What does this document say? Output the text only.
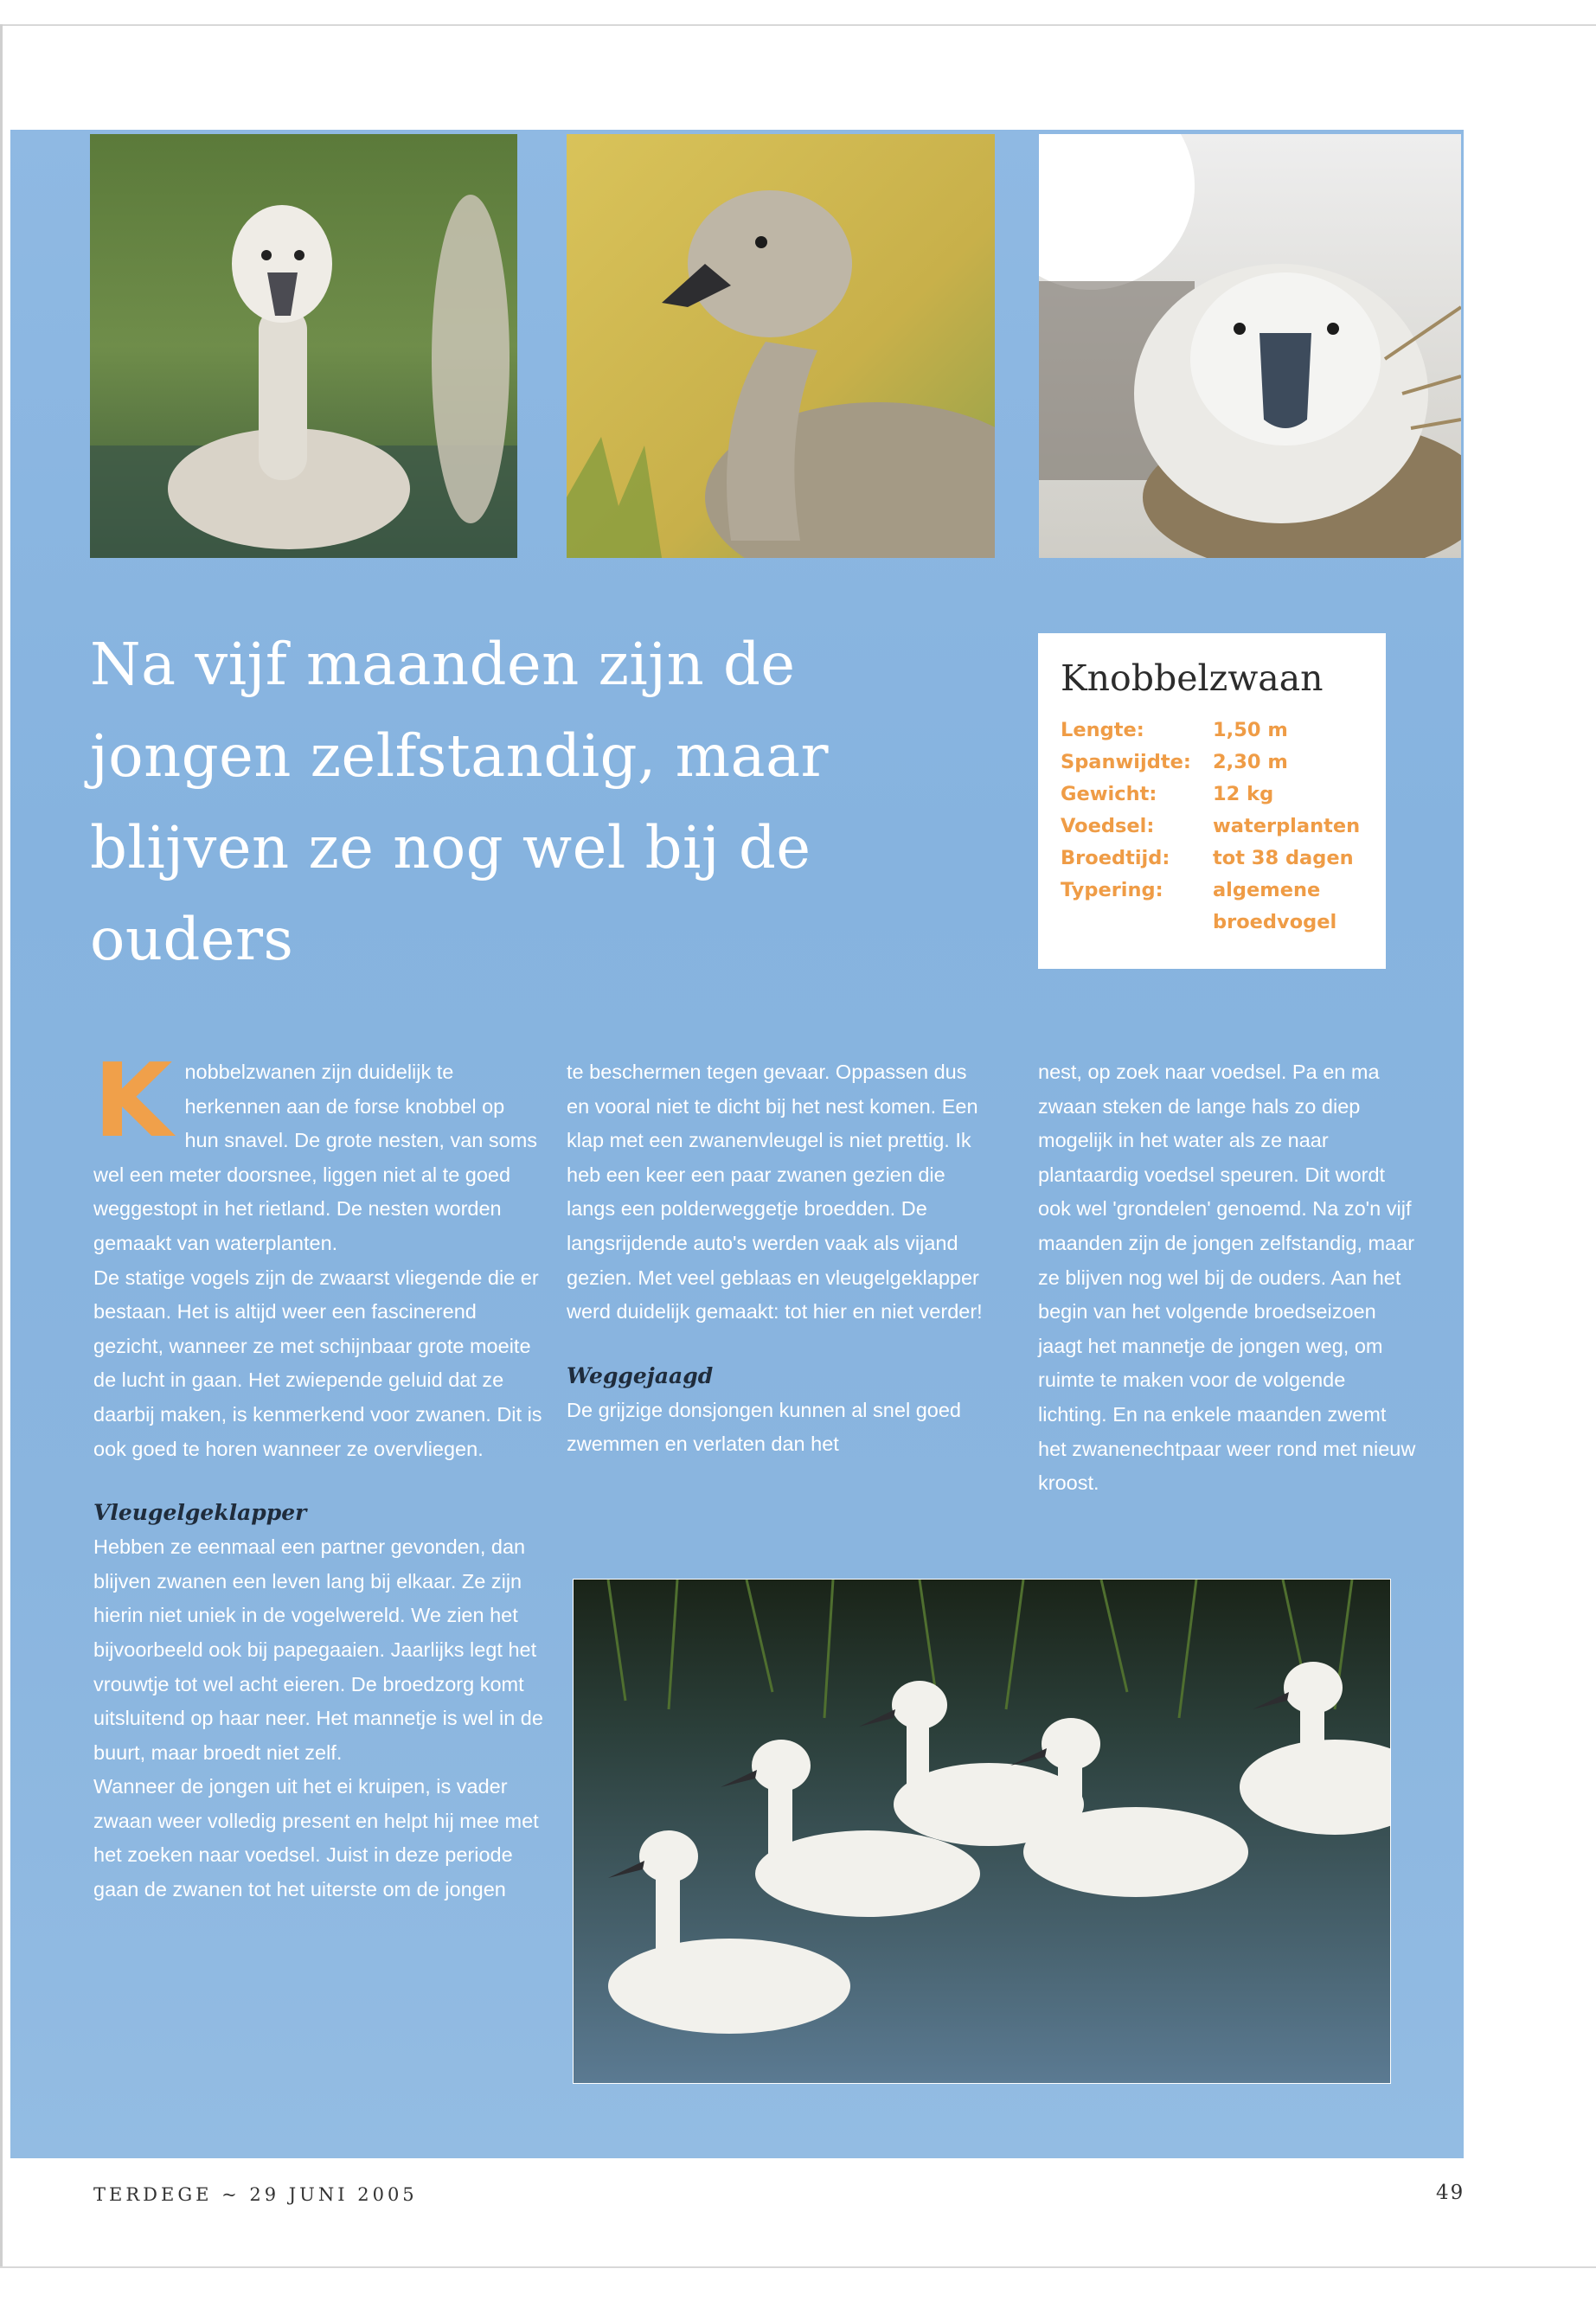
Na vijf maanden zijn de jongen zelfstandig, maar blijven ze nog wel bij de ouders
Knobbelzwaan
Lengte:	1,50 m
Spanwijdte:	2,30 m
Gewicht:	12 kg
Voedsel:	waterplanten
Broedtijd:	tot 38 dagen
Typering:	algemene broedvogel

Knobbelzwanen zijn duidelijk te herkennen aan de forse knobbel op hun snavel. De grote nesten, van soms wel een meter doorsnee, liggen niet al te goed weggestopt in het rietland. De nesten worden gemaakt van waterplanten.

De statige vogels zijn de zwaarst vliegende die er bestaan. Het is altijd weer een fascinerend gezicht, wanneer ze met schijnbaar grote moeite de lucht in gaan. Het zwiepende geluid dat ze daarbij maken, is kenmerkend voor zwanen. Dit is ook goed te horen wanneer ze overvliegen.

Vleugelgeklapper

Hebben ze eenmaal een partner gevonden, dan blijven zwanen een leven lang bij elkaar. Ze zijn hierin niet uniek in de vogelwereld. We zien het bijvoorbeeld ook bij papegaaien. Jaarlijks legt het vrouwtje tot wel acht eieren. De broedzorg komt uitsluitend op haar neer. Het mannetje is wel in de buurt, maar broedt niet zelf.

Wanneer de jongen uit het ei kruipen, is vader zwaan weer volledig present en helpt hij mee met het zoeken naar voedsel. Juist in deze periode gaan de zwanen tot het uiterste om de jongen

te beschermen tegen gevaar. Oppassen dus en vooral niet te dicht bij het nest komen. Een klap met een zwanenvleugel is niet prettig. Ik heb een keer een paar zwanen gezien die langs een polderweggetje broedden. De langsrijdende auto's werden vaak als vijand gezien. Met veel geblaas en vleugelgeklapper werd duidelijk gemaakt: tot hier en niet verder!

Weggejaagd

De grijzige donsjongen kunnen al snel goed zwemmen en verlaten dan het

nest, op zoek naar voedsel. Pa en ma zwaan steken de lange hals zo diep mogelijk in het water als ze naar plantaardig voedsel speuren. Dit wordt ook wel 'grondelen' genoemd. Na zo'n vijf maanden zijn de jongen zelfstandig, maar ze blijven nog wel bij de ouders. Aan het begin van het volgende broedseizoen jaagt het mannetje de jongen weg, om ruimte te maken voor de volgende lichting. En na enkele maanden zwemt het zwanenechtpaar weer rond met nieuw kroost.

TERDEGE ~ 29 JUNI 2005	49
